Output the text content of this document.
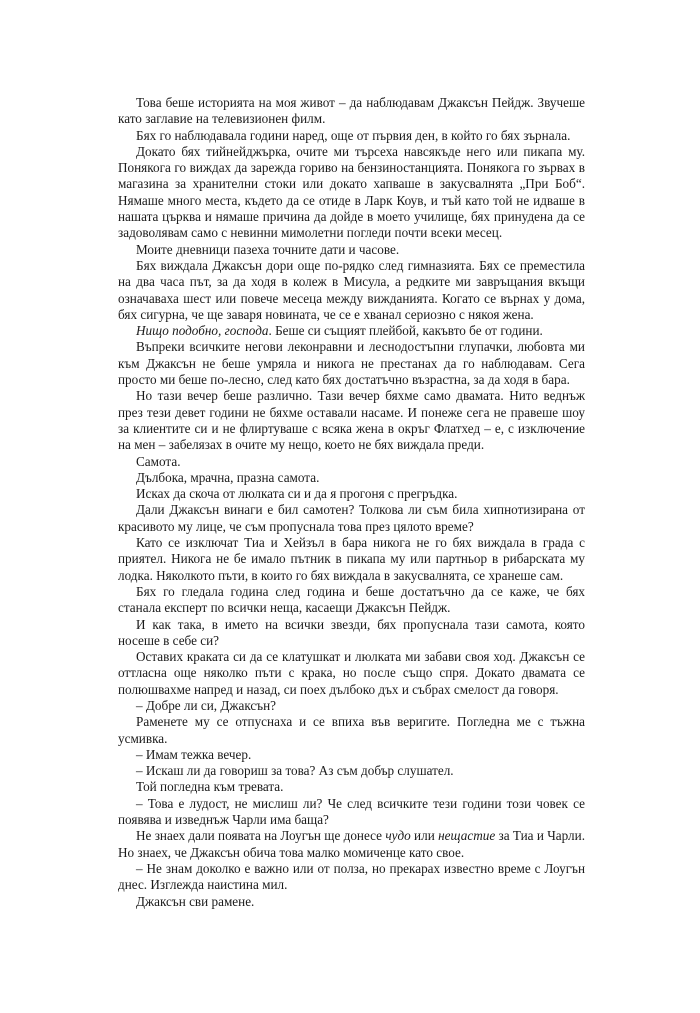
Това беше историята на моя живот – да наблюдавам Джаксън Пейдж. Звучеше като заглавие на телевизионен филм.

Бях го наблюдавала години наред, още от първия ден, в който го бях зърнала.

Докато бях тийнейджърка, очите ми търсеха навсякъде него или пикапа му. Понякога го виждах да зарежда гориво на бензиностанцията. Понякога го зървах в магазина за хранителни стоки или докато хапваше в закусвалнята „При Боб“. Нямаше много места, където да се отиде в Ларк Коув, и тъй като той не идваше в нашата църква и нямаше причина да дойде в моето училище, бях принудена да се задоволявам само с невинни мимолетни погледи почти всеки месец.

Моите дневници пазеха точните дати и часове.

Бях виждала Джаксън дори още по-рядко след гимназията. Бях се преместила на два часа път, за да ходя в колеж в Мисула, а редките ми завръщания вкъщи означаваха шест или повече месеца между вижданията. Когато се върнах у дома, бях сигурна, че ще заваря новината, че се е хванал сериозно с някоя жена.

Нищо подобно, господа. Беше си същият плейбой, какъвто бе от години.

Въпреки всичките негови леконравни и леснодостъпни глупачки, любовта ми към Джаксън не беше умряла и никога не престанах да го наблюдавам. Сега просто ми беше по-лесно, след като бях достатъчно възрастна, за да ходя в бара.

Но тази вечер беше различно. Тази вечер бяхме само двамата. Нито веднъж през тези девет години не бяхме оставали насаме. И понеже сега не правеше шоу за клиентите си и не флиртуваше с всяка жена в окръг Флатхед – е, с изключение на мен – забелязах в очите му нещо, което не бях виждала преди.

Самота.

Дълбока, мрачна, празна самота.

Исках да скоча от люлката си и да я прогоня с прегръдка.

Дали Джаксън винаги е бил самотен? Толкова ли съм била хипнотизирана от красивото му лице, че съм пропуснала това през цялото време?

Като се изключат Тиа и Хейзъл в бара никога не го бях виждала в града с приятел. Никога не бе имало пътник в пикапа му или партньор в рибарската му лодка. Няколкото пъти, в които го бях виждала в закусвалнята, се хранеше сам.

Бях го гледала година след година и беше достатъчно да се каже, че бях станала експерт по всички неща, касаещи Джаксън Пейдж.

И как така, в името на всички звезди, бях пропуснала тази самота, която носеше в себе си?

Оставих краката си да се клатушкат и люлката ми забави своя ход. Джаксън се оттласна още няколко пъти с крака, но после също спря. Докато двамата се полюшвахме напред и назад, си поех дълбоко дъх и събрах смелост да говоря.

– Добре ли си, Джаксън?

Раменете му се отпуснаха и се впиха във веригите. Погледна ме с тъжна усмивка.

– Имам тежка вечер.

– Искаш ли да говориш за това? Аз съм добър слушател.

Той погледна към тревата.

– Това е лудост, не мислиш ли? Че след всичките тези години този човек се появява и изведнъж Чарли има баща?

Не знаех дали появата на Лоугън ще донесе чудо или нещастие за Тиа и Чарли. Но знаех, че Джаксън обича това малко момиченце като свое.

– Не знам доколко е важно или от полза, но прекарах известно време с Лоугън днес. Изглежда наистина мил.

Джаксън сви рамене.
